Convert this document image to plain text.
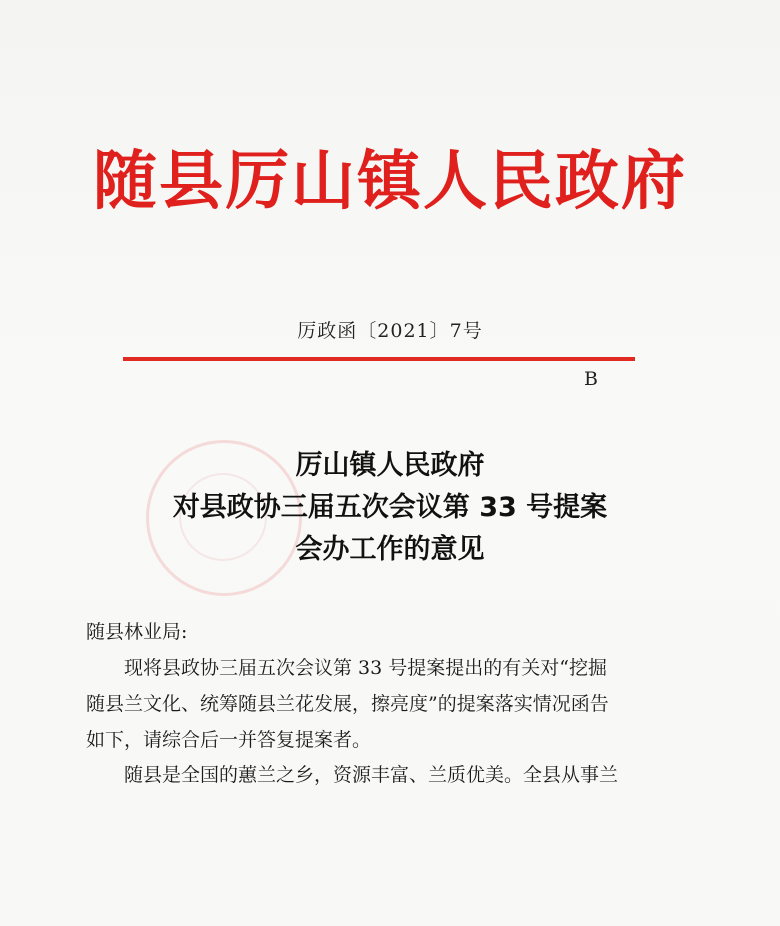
随县厉山镇人民政府
厉政函〔2021〕7号
B
厉山镇人民政府
对县政协三届五次会议第 33 号提案
会办工作的意见
随县林业局:
现将县政协三届五次会议第 33 号提案提出的有关对“挖掘
随县兰文化、统筹随县兰花发展，擦亮度”的提案落实情况函告
如下，请综合后一并答复提案者。
随县是全国的蕙兰之乡，资源丰富、兰质优美。全县从事兰
